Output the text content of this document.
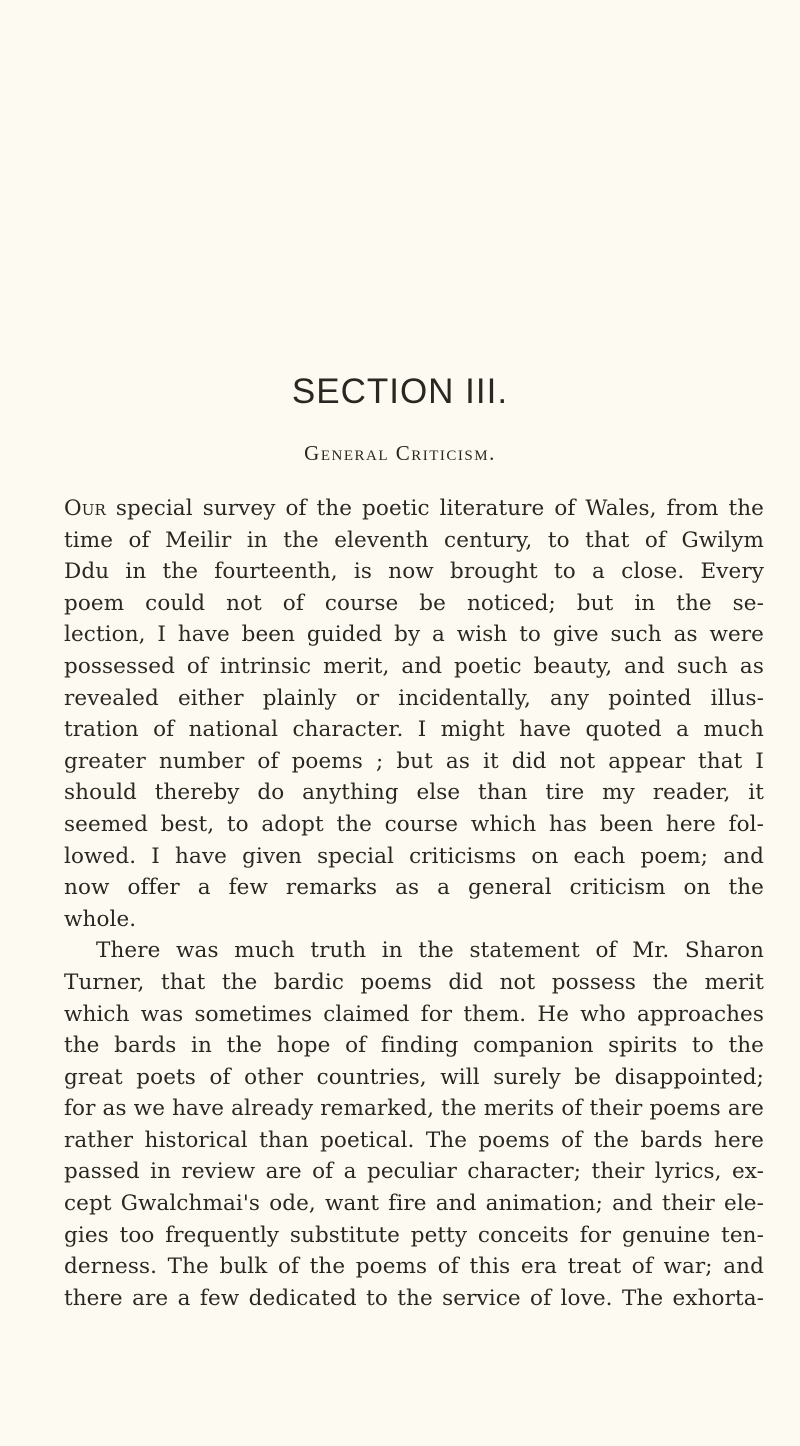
SECTION III.
General Criticism.
Our special survey of the poetic literature of Wales, from the
time of Meilir in the eleventh century, to that of Gwilym
Ddu in the fourteenth, is now brought to a close. Every
poem could not of course be noticed; but in the se-
lection, I have been guided by a wish to give such as were
possessed of intrinsic merit, and poetic beauty, and such as
revealed either plainly or incidentally, any pointed illus-
tration of national character. I might have quoted a much
greater number of poems ; but as it did not appear that I
should thereby do anything else than tire my reader, it
seemed best, to adopt the course which has been here fol-
lowed. I have given special criticisms on each poem; and
now offer a few remarks as a general criticism on the
whole.
There was much truth in the statement of Mr. Sharon
Turner, that the bardic poems did not possess the merit
which was sometimes claimed for them. He who approaches
the bards in the hope of finding companion spirits to the
great poets of other countries, will surely be disappointed;
for as we have already remarked, the merits of their poems are
rather historical than poetical. The poems of the bards here
passed in review are of a peculiar character; their lyrics, ex-
cept Gwalchmai's ode, want fire and animation; and their ele-
gies too frequently substitute petty conceits for genuine ten-
derness. The bulk of the poems of this era treat of war; and
there are a few dedicated to the service of love. The exhorta-
